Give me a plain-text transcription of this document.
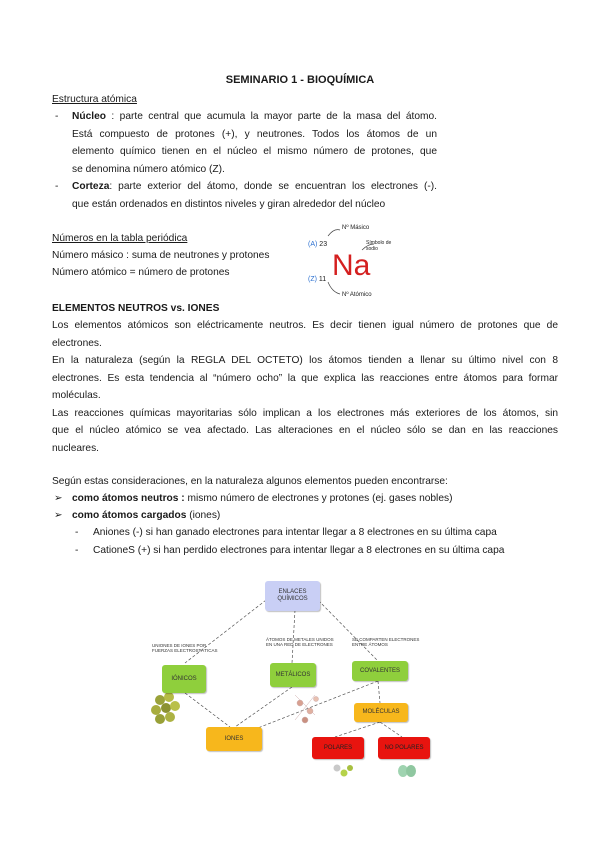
SEMINARIO 1 - BIOQUÍMICA
Estructura atómica
- Núcleo : parte central que acumula la mayor parte de la masa del átomo.
Está compuesto de protones (+), y neutrones. Todos los átomos de un
elemento químico tienen en el núcleo el mismo número de protones, que
se denomina número atómico (Z).
- Corteza: parte exterior del átomo, donde se encuentran los electrones (-).
que están ordenados en distintos niveles y giran alrededor del núcleo
Números en la tabla periódica
Número másico : suma de neutrones y protones
Número atómico = número de protones
Nº Másico
Símbolo de sodio
(A) 23
Na
(Z) 11
Nº Atómico
ELEMENTOS NEUTROS vs. IONES
Los elementos atómicos son eléctricamente neutros. Es decir tienen igual número de protones que de
electrones.
En la naturaleza (según la REGLA DEL OCTETO) los átomos tienden a llenar su último nivel con 8
electrones. Es esta tendencia al “número ocho” la que explica las reacciones entre átomos para formar
moléculas.
Las reacciones químicas mayoritarias sólo implican a los electrones más exteriores de los átomos, sin
que el núcleo atómico se vea afectado. Las alteraciones en el núcleo sólo se dan en las reacciones
nucleares.
Según estas consideraciones, en la naturaleza algunos elementos pueden encontrarse:
➢ como átomos neutros : mismo número de electrones y protones (ej. gases nobles)
➢ como átomos cargados (iones)
- Aniones (-) si han ganado electrones para intentar llegar a 8 electrones en su última capa
- CationeS (+) si han perdido electrones para intentar llegar a 8 electrones en su última capa
ENLACES QUÍMICOS
UNIONES DE IONES POR FUERZAS ELECTROSTÁTICAS
ÁTOMOS DE METALES UNIDOS EN UNA RED DE ELECTRONES
SE COMPARTEN ELECTRONES ENTRE ÁTOMOS
IÓNICOS
METÁLICOS
COVALENTES
IONES
MOLÉCULAS
POLARES	NO POLARES
